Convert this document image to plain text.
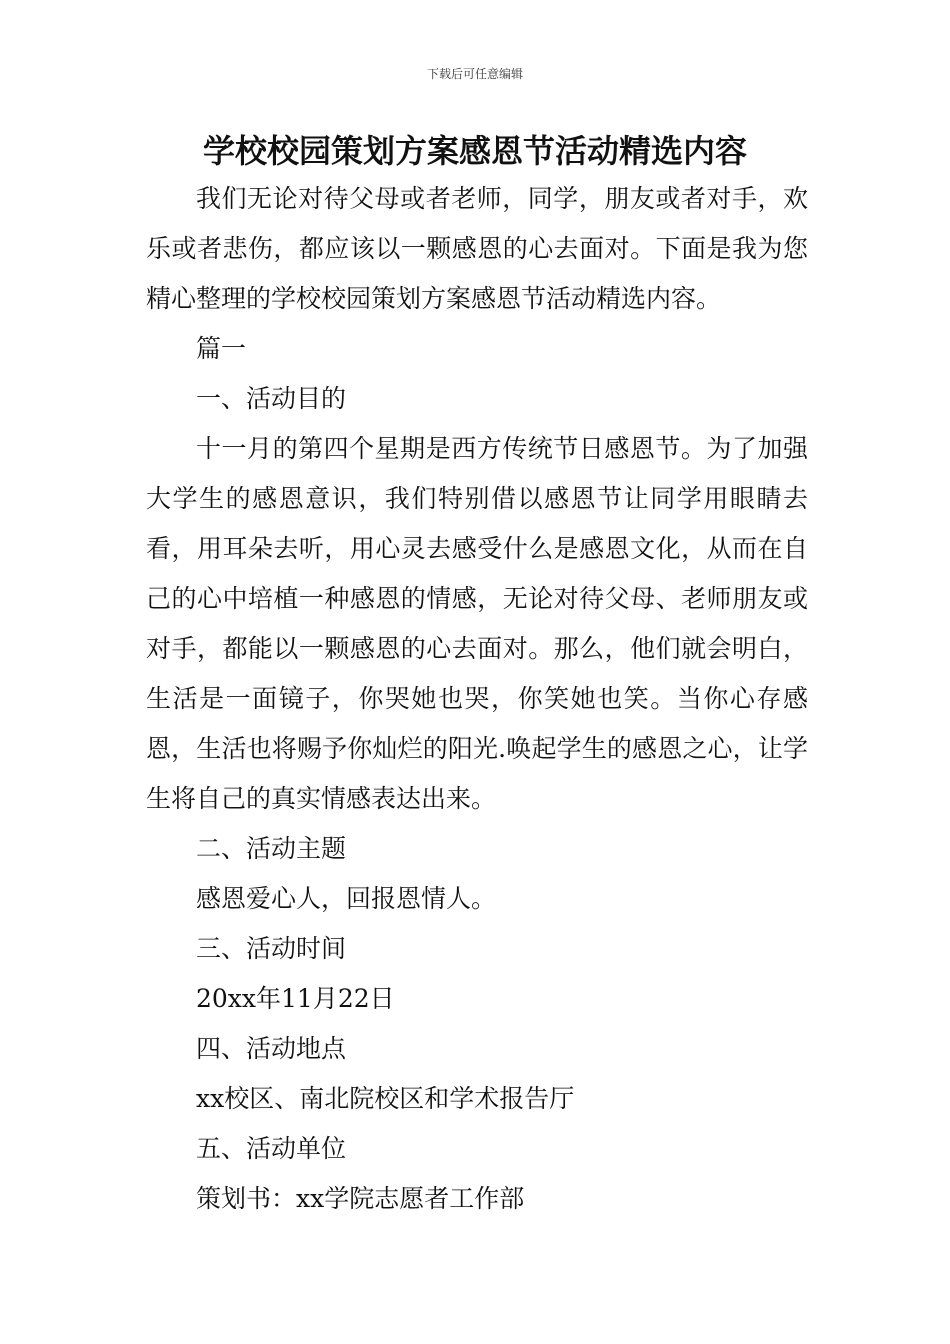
下载后可任意编辑
学校校园策划方案感恩节活动精选内容

我们无论对待父母或者老师，同学，朋友或者对手，欢乐或者悲伤，都应该以一颗感恩的心去面对。下面是我为您精心整理的学校校园策划方案感恩节活动精选内容。

篇一

一、活动目的

十一月的第四个星期是西方传统节日感恩节。为了加强大学生的感恩意识，我们特别借以感恩节让同学用眼睛去看，用耳朵去听，用心灵去感受什么是感恩文化，从而在自己的心中培植一种感恩的情感，无论对待父母、老师朋友或对手，都能以一颗感恩的心去面对。那么，他们就会明白，生活是一面镜子，你哭她也哭，你笑她也笑。当你心存感恩，生活也将赐予你灿烂的阳光.唤起学生的感恩之心，让学生将自己的真实情感表达出来。

二、活动主题

感恩爱心人，回报恩情人。

三、活动时间

20xx年11月22日

四、活动地点

xx校区、南北院校区和学术报告厅

五、活动单位

策划书：xx学院志愿者工作部
